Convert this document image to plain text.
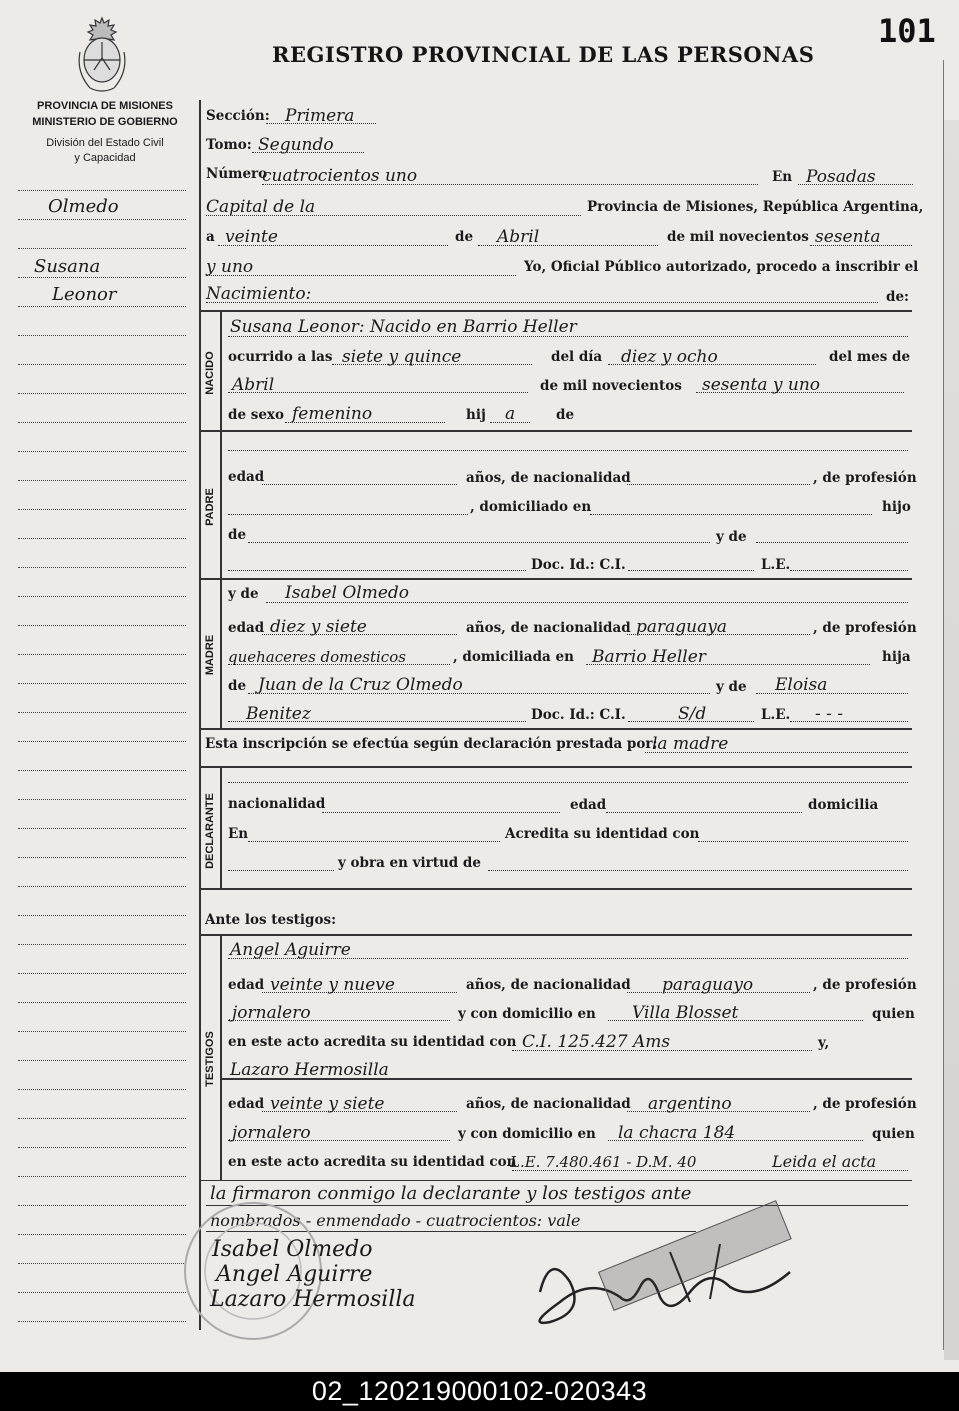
PROVINCIA DE MISIONES
MINISTERIO DE GOBIERNO
División del Estado Civil
y Capacidad
REGISTRO PROVINCIAL DE LAS PERSONAS
101
Olmedo
Susana
Leonor
Sección: Primera
Tomo: Segundo
Número
cuatrocientos uno	En Posadas
Capital de la	Provincia de Misiones, República Argentina,
a veinte	de Abril	de mil novecientos sesenta
y uno	Yo, Oficial Público autorizado, procedo a inscribir el
Nacimiento:	de:
NACIDO
Susana Leonor: Nacido en Barrio Heller
ocurrido a las siete y quince	del día diez y ocho	del mes de
Abril	de mil novecientos sesenta y uno
de sexo femenino	hij a	de
PADRE
edad	años, de nacionalidad	, de profesión
, domiciliado en	hijo
de	y de
Doc. Id.: C.I.	L.E.
MADRE
y de Isabel Olmedo
edad diez y siete	años, de nacionalidad paraguaya	, de profesión
quehaceres domesticos	, domiciliada en Barrio Heller	hija
de Juan de la Cruz Olmedo	y de Eloisa
Benitez	Doc. Id.: C.I.	S/d	L.E. - - -
Esta inscripción se efectúa según declaración prestada por:
la madre
DECLARANTE nacionalidad	edad	domicilia
En	Acredita su identidad con
y obra en virtud de
Ante los testigos:
TESTIGOS
Angel Aguirre
edad veinte y nueve	años, de nacionalidad paraguayo	, de profesión
jornalero	y con domicilio en Villa Blosset	quien
en este acto acredita su identidad con C.I. 125.427 Ams	y,
Lazaro Hermosilla
edad veinte y siete	años, de nacionalidad argentino	, de profesión
jornalero	y con domicilio en la chacra 184	quien
en este acto acredita su identidad con
L.E. 7.480.461 - D.M. 40	Leida el acta
la firmaron conmigo la declarante y los testigos ante
nombrados - enmendado - cuatrocientos: vale
Isabel Olmedo
Angel Aguirre
Lazaro Hermosilla
02_120219000102-020343
